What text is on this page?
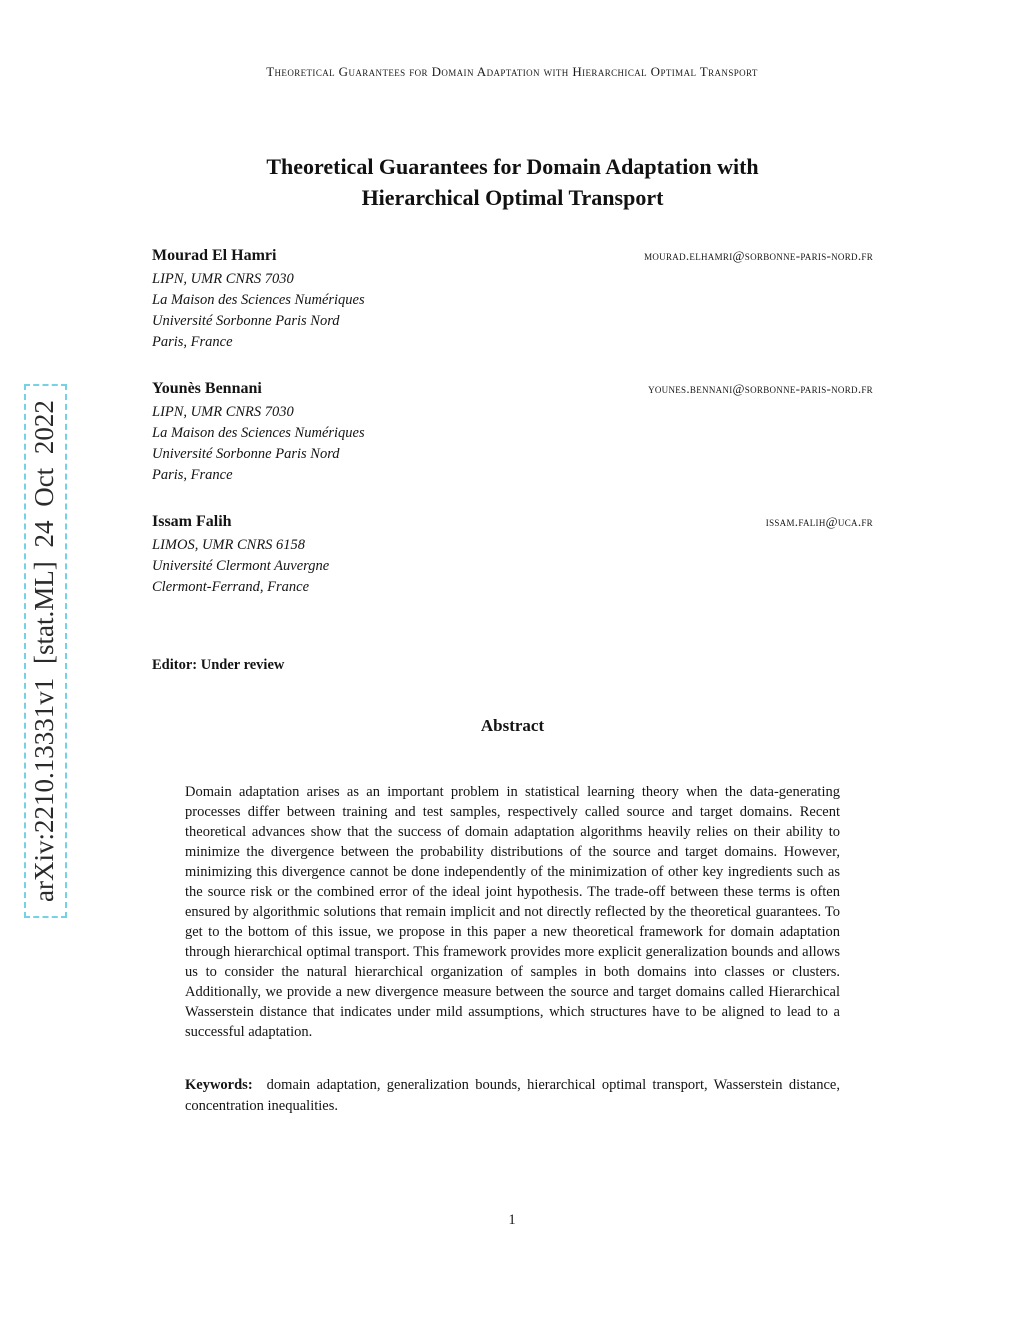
Theoretical Guarantees for Domain Adaptation with Hierarchical Optimal Transport
arXiv:2210.13331v1 [stat.ML] 24 Oct 2022
Theoretical Guarantees for Domain Adaptation with
Hierarchical Optimal Transport
Mourad El Hamri	mourad.elhamri@sorbonne-paris-nord.fr
LIPN, UMR CNRS 7030
La Maison des Sciences Numériques
Université Sorbonne Paris Nord
Paris, France
Younès Bennani	younes.bennani@sorbonne-paris-nord.fr
LIPN, UMR CNRS 7030
La Maison des Sciences Numériques
Université Sorbonne Paris Nord
Paris, France
Issam Falih	issam.falih@uca.fr
LIMOS, UMR CNRS 6158
Université Clermont Auvergne
Clermont-Ferrand, France
Editor: Under review
Abstract

Domain adaptation arises as an important problem in statistical learning theory when the data-generating processes differ between training and test samples, respectively called source and target domains. Recent theoretical advances show that the success of domain adaptation algorithms heavily relies on their ability to minimize the divergence between the probability distributions of the source and target domains. However, minimizing this divergence cannot be done independently of the minimization of other key ingredients such as the source risk or the combined error of the ideal joint hypothesis. The trade-off between these terms is often ensured by algorithmic solutions that remain implicit and not directly reflected by the theoretical guarantees. To get to the bottom of this issue, we propose in this paper a new theoretical framework for domain adaptation through hierarchical optimal transport. This framework provides more explicit generalization bounds and allows us to consider the natural hierarchical organization of samples in both domains into classes or clusters. Additionally, we provide a new divergence measure between the source and target domains called Hierarchical Wasserstein distance that indicates under mild assumptions, which structures have to be aligned to lead to a successful adaptation.

Keywords: domain adaptation, generalization bounds, hierarchical optimal transport, Wasserstein distance, concentration inequalities.

1
